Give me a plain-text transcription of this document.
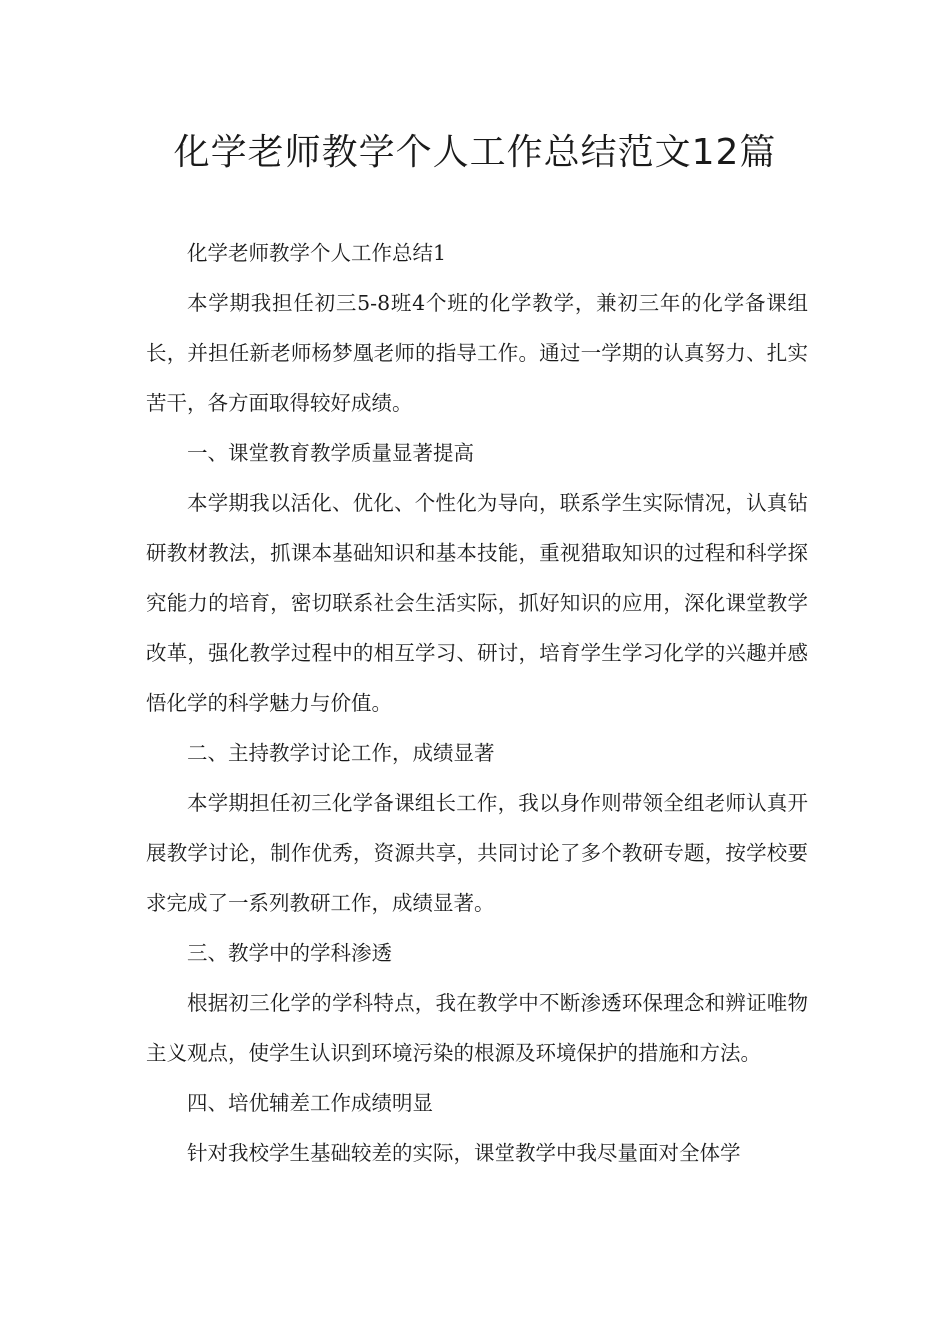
化学老师教学个人工作总结范文12篇

化学老师教学个人工作总结1

本学期我担任初三5-8班4个班的化学教学，兼初三年的化学备课组长，并担任新老师杨梦凰老师的指导工作。通过一学期的认真努力、扎实苦干，各方面取得较好成绩。

一、课堂教育教学质量显著提高

本学期我以活化、优化、个性化为导向，联系学生实际情况，认真钻研教材教法，抓课本基础知识和基本技能，重视猎取知识的过程和科学探究能力的培育，密切联系社会生活实际，抓好知识的应用，深化课堂教学改革，强化教学过程中的相互学习、研讨，培育学生学习化学的兴趣并感悟化学的科学魅力与价值。

二、主持教学讨论工作，成绩显著

本学期担任初三化学备课组长工作，我以身作则带领全组老师认真开展教学讨论，制作优秀，资源共享，共同讨论了多个教研专题，按学校要求完成了一系列教研工作，成绩显著。

三、教学中的学科渗透

根据初三化学的学科特点，我在教学中不断渗透环保理念和辨证唯物主义观点，使学生认识到环境污染的根源及环境保护的措施和方法。

四、培优辅差工作成绩明显

针对我校学生基础较差的实际，课堂教学中我尽量面对全体学
